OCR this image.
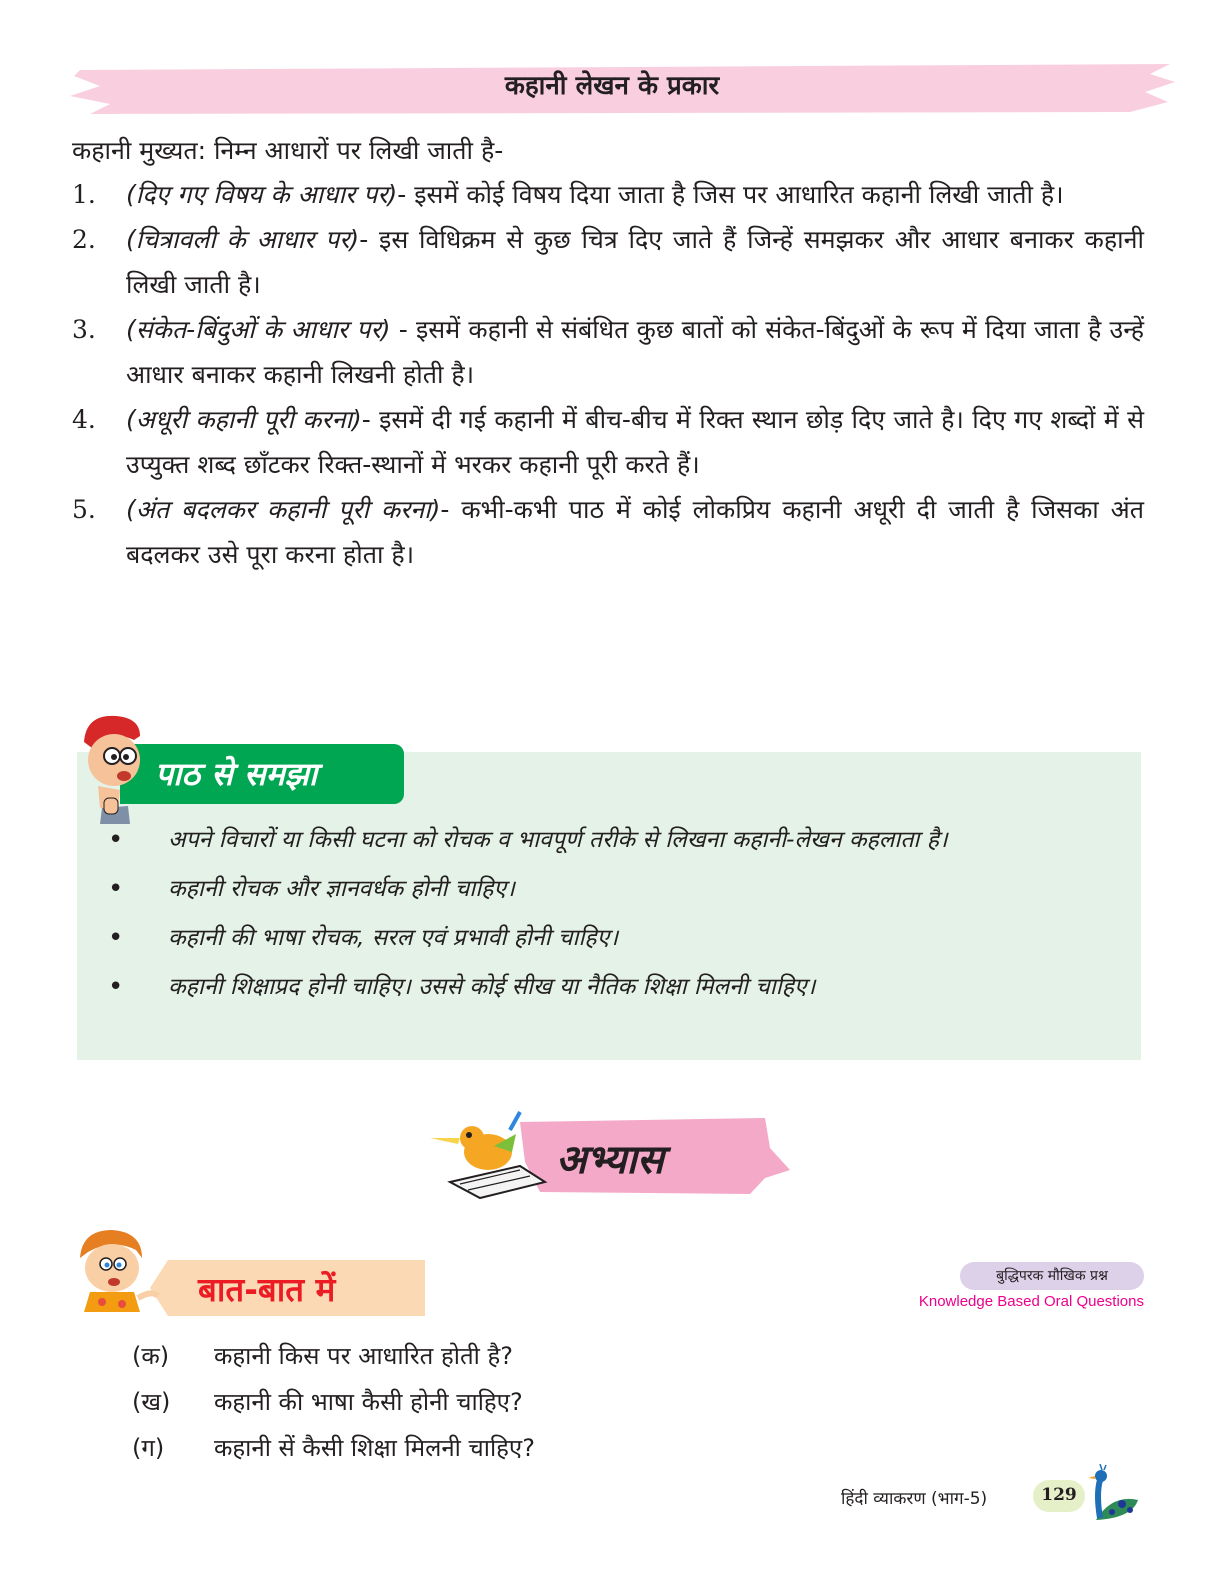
कहानी लेखन के प्रकार
कहानी मुख्यत: निम्न आधारों पर लिखी जाती है-
1.	(दिए गए विषय के आधार पर)- इसमें कोई विषय दिया जाता है जिस पर आधारित कहानी लिखी जाती है।
2.	(चित्रावली के आधार पर)- इस विधिक्रम से कुछ चित्र दिए जाते हैं जिन्हें समझकर और आधार बनाकर कहानी लिखी जाती है।
3.	(संकेत-बिंदुओं के आधार पर) - इसमें कहानी से संबंधित कुछ बातों को संकेत-बिंदुओं के रूप में दिया जाता है उन्हें आधार बनाकर कहानी लिखनी होती है।
4.	(अधूरी कहानी पूरी करना)- इसमें दी गई कहानी में बीच-बीच में रिक्त स्थान छोड़ दिए जाते है। दिए गए शब्दों में से उप्युक्त शब्द छाँटकर रिक्त-स्थानों में भरकर कहानी पूरी करते हैं।
5.	(अंत बदलकर कहानी पूरी करना)- कभी-कभी पाठ में कोई लोकप्रिय कहानी अधूरी दी जाती है जिसका अंत बदलकर उसे पूरा करना होता है।
पाठ से समझा
•	अपने विचारों या किसी घटना को रोचक व भावपूर्ण तरीके से लिखना कहानी-लेखन कहलाता है।
•	कहानी रोचक और ज्ञानवर्धक होनी चाहिए।
•	कहानी की भाषा रोचक, सरल एवं प्रभावी होनी चाहिए।
•	कहानी शिक्षाप्रद होनी चाहिए। उससे कोई सीख या नैतिक शिक्षा मिलनी चाहिए।
अभ्यास
बात-बात में	बुद्धिपरक मौखिक प्रश्न
Knowledge Based Oral Questions
(क)	कहानी किस पर आधारित होती है?
(ख)	कहानी की भाषा कैसी होनी चाहिए?
(ग)	कहानी सें कैसी शिक्षा मिलनी चाहिए?
हिंदी व्याकरण (भाग-5)	129
